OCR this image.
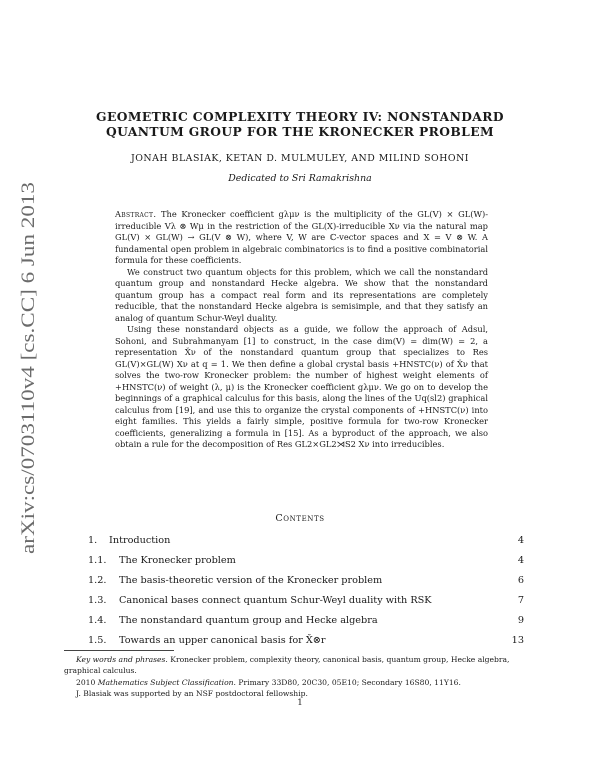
arXiv:cs/0703110v4 [cs.CC] 6 Jun 2013
GEOMETRIC COMPLEXITY THEORY IV: NONSTANDARD
QUANTUM GROUP FOR THE KRONECKER PROBLEM
JONAH BLASIAK, KETAN D. MULMULEY, AND MILIND SOHONI
Dedicated to Sri Ramakrishna

Abstract. The Kronecker coefficient gλμν is the multiplicity of the GL(V) × GL(W)-irreducible Vλ ⊗ Wμ in the restriction of the GL(X)-irreducible Xν via the natural map GL(V) × GL(W) → GL(V ⊗ W), where V, W are ℂ-vector spaces and X = V ⊗ W. A fundamental open problem in algebraic combinatorics is to find a positive combinatorial formula for these coefficients.

We construct two quantum objects for this problem, which we call the nonstandard quantum group and nonstandard Hecke algebra. We show that the nonstandard quantum group has a compact real form and its representations are completely reducible, that the nonstandard Hecke algebra is semisimple, and that they satisfy an analog of quantum Schur-Weyl duality.

Using these nonstandard objects as a guide, we follow the approach of Adsul, Sohoni, and Subrahmanyam [1] to construct, in the case dim(V) = dim(W) = 2, a representation X̌ν of the nonstandard quantum group that specializes to Res GL(V)×GL(W) Xν at q = 1. We then define a global crystal basis +HNSTC(ν) of X̌ν that solves the two-row Kronecker problem: the number of highest weight elements of +HNSTC(ν) of weight (λ, μ) is the Kronecker coefficient gλμν. We go on to develop the beginnings of a graphical calculus for this basis, along the lines of the Uq(sl2) graphical calculus from [19], and use this to organize the crystal components of +HNSTC(ν) into eight families. This yields a fairly simple, positive formula for two-row Kronecker coefficients, generalizing a formula in [15]. As a byproduct of the approach, we also obtain a rule for the decomposition of Res GL2×GL2⋊S2 Xν into irreducibles.

Contents
1. Introduction	4
1.1. The Kronecker problem	4
1.2. The basis-theoretic version of the Kronecker problem	6
1.3. Canonical bases connect quantum Schur-Weyl duality with RSK	7
1.4. The nonstandard quantum group and Hecke algebra	9
1.5. Towards an upper canonical basis for X̌⊗r	13

Key words and phrases. Kronecker problem, complexity theory, canonical basis, quantum group, Hecke algebra, graphical calculus.

2010 Mathematics Subject Classification. Primary 33D80, 20C30, 05E10; Secondary 16S80, 11Y16.

J. Blasiak was supported by an NSF postdoctoral fellowship.

1
